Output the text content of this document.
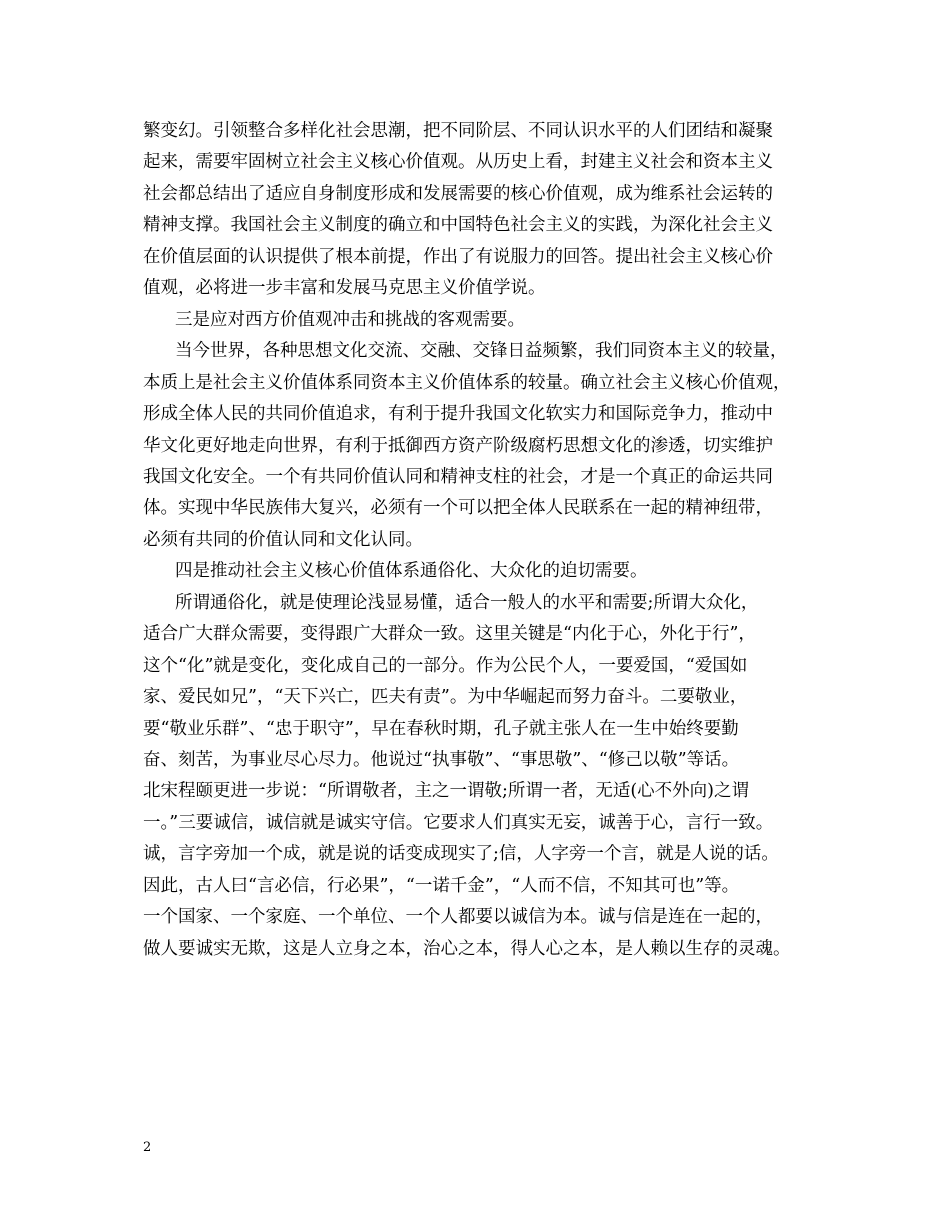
繁变幻。引领整合多样化社会思潮，把不同阶层、不同认识水平的人们团结和凝聚
起来，需要牢固树立社会主义核心价值观。从历史上看，封建主义社会和资本主义
社会都总结出了适应自身制度形成和发展需要的核心价值观，成为维系社会运转的
精神支撑。我国社会主义制度的确立和中国特色社会主义的实践，为深化社会主义
在价值层面的认识提供了根本前提，作出了有说服力的回答。提出社会主义核心价
值观，必将进一步丰富和发展马克思主义价值学说。
三是应对西方价值观冲击和挑战的客观需要。
当今世界，各种思想文化交流、交融、交锋日益频繁，我们同资本主义的较量，
本质上是社会主义价值体系同资本主义价值体系的较量。确立社会主义核心价值观，
形成全体人民的共同价值追求，有利于提升我国文化软实力和国际竞争力，推动中
华文化更好地走向世界，有利于抵御西方资产阶级腐朽思想文化的渗透，切实维护
我国文化安全。一个有共同价值认同和精神支柱的社会，才是一个真正的命运共同
体。实现中华民族伟大复兴，必须有一个可以把全体人民联系在一起的精神纽带，
必须有共同的价值认同和文化认同。
四是推动社会主义核心价值体系通俗化、大众化的迫切需要。
所谓通俗化，就是使理论浅显易懂，适合一般人的水平和需要;所谓大众化，
适合广大群众需要，变得跟广大群众一致。这里关键是“内化于心，外化于行”，
这个“化”就是变化，变化成自己的一部分。作为公民个人，一要爱国，“爱国如
家、爱民如兄”，“天下兴亡，匹夫有责”。为中华崛起而努力奋斗。二要敬业，
要“敬业乐群”、“忠于职守”，早在春秋时期，孔子就主张人在一生中始终要勤
奋、刻苦，为事业尽心尽力。他说过“执事敬”、“事思敬”、“修己以敬”等话。
北宋程颐更进一步说：“所谓敬者，主之一谓敬;所谓一者，无适(心不外向)之谓
一。”三要诚信，诚信就是诚实守信。它要求人们真实无妄，诚善于心，言行一致。
诚，言字旁加一个成，就是说的话变成现实了;信，人字旁一个言，就是人说的话。
因此，古人曰“言必信，行必果”，“一诺千金”，“人而不信，不知其可也”等。
一个国家、一个家庭、一个单位、一个人都要以诚信为本。诚与信是连在一起的，
做人要诚实无欺，这是人立身之本，治心之本，得人心之本，是人赖以生存的灵魂。
2
